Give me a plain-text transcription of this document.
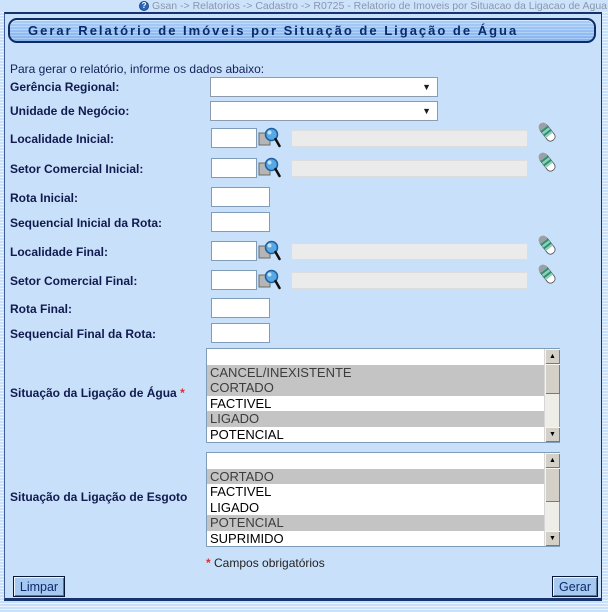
? Gsan -> Relatorios -> Cadastro -> R0725 - Relatorio de Imoveis por Situacao da Ligacao de Agua
Gerar Relatório de Imóveis por Situação de Ligação de Água
Para gerar o relatório, informe os dados abaixo:
Gerência Regional:	▼
Unidade de Negócio:	▼
Localidade Inicial:
Setor Comercial Inicial:
Rota Inicial:
Sequencial Inicial da Rota:
Localidade Final:
Setor Comercial Final:
Rota Final:
Sequencial Final da Rota:
Situação da Ligação de Água *

CANCEL/INEXISTENTE
CORTADO
FACTIVEL
LIGADO
POTENCIAL
▲
▼
Situação da Ligação de Esgoto

CORTADO
FACTIVEL
LIGADO
POTENCIAL
SUPRIMIDO
▲
▼
* Campos obrigatórios
Limpar	Gerar
